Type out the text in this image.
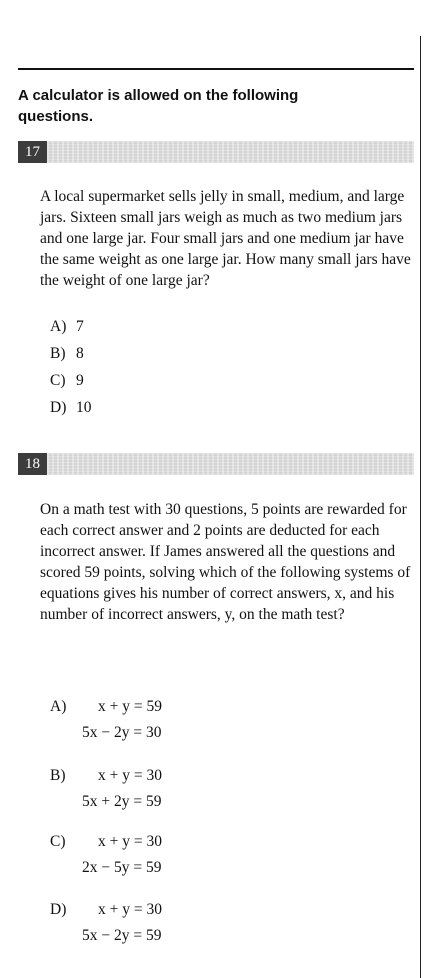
A calculator is allowed on the following questions.
17
A local supermarket sells jelly in small, medium, and large jars. Sixteen small jars weigh as much as two medium jars and one large jar. Four small jars and one medium jar have the same weight as one large jar. How many small jars have the weight of one large jar?
A) 7
B) 8
C) 9
D) 10
18
On a math test with 30 questions, 5 points are rewarded for each correct answer and 2 points are deducted for each incorrect answer. If James answered all the questions and scored 59 points, solving which of the following systems of equations gives his number of correct answers, x, and his number of incorrect answers, y, on the math test?
A) x + y = 59
5x − 2y = 30
B) x + y = 30
5x + 2y = 59
C) x + y = 30
2x − 5y = 59
D) x + y = 30
5x − 2y = 59
